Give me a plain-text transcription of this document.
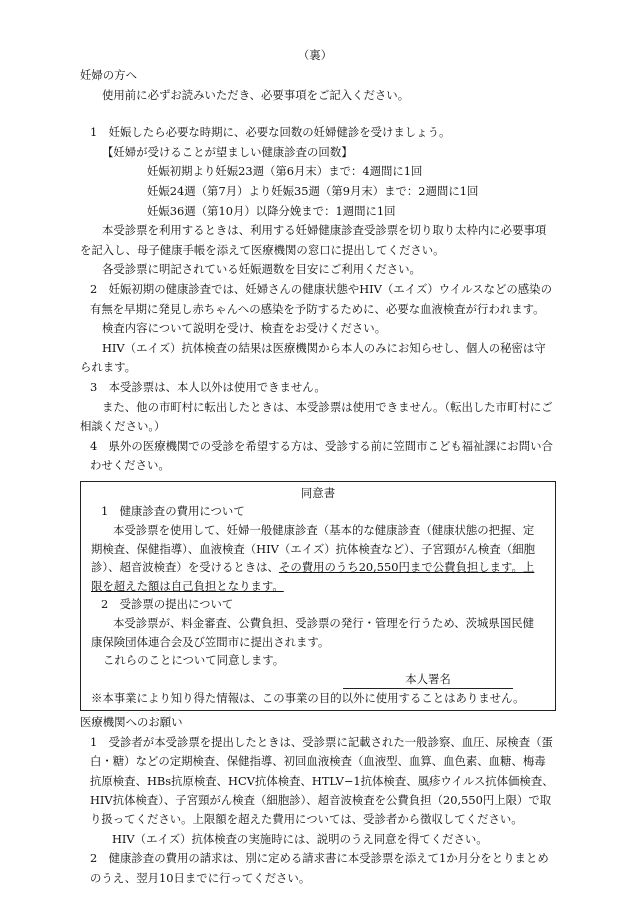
（裏）

妊婦の方へ

使用前に必ずお読みいただき、必要事項をご記入ください。

1　妊娠したら必要な時期に、必要な回数の妊婦健診を受けましょう。

【妊婦が受けることが望ましい健康診査の回数】

妊娠初期より妊娠23週（第6月末）まで：4週間に1回

妊娠24週（第7月）より妊娠35週（第9月末）まで：2週間に1回

妊娠36週（第10月）以降分娩まで：1週間に1回

本受診票を利用するときは、利用する妊婦健康診査受診票を切り取り太枠内に必要事項を記入し、母子健康手帳を添えて医療機関の窓口に提出してください。

各受診票に明記されている妊娠週数を目安にご利用ください。

2　妊娠初期の健康診査では、妊婦さんの健康状態やHIV（エイズ）ウイルスなどの感染の有無を早期に発見し赤ちゃんへの感染を予防するために、必要な血液検査が行われます。

検査内容について説明を受け、検査をお受けください。

HIV（エイズ）抗体検査の結果は医療機関から本人のみにお知らせし、個人の秘密は守られます。

3　本受診票は、本人以外は使用できません。

また、他の市町村に転出したときは、本受診票は使用できません。（転出した市町村にご相談ください。）

4　県外の医療機関での受診を希望する方は、受診する前に笠間市こども福祉課にお問い合わせください。

同意書

1　健康診査の費用について

本受診票を使用して、妊婦一般健康診査（基本的な健康診査（健康状態の把握、定期検査、保健指導）、血液検査（HIV（エイズ）抗体検査など）、子宮頸がん検査（細胞診）、超音波検査）を受けるときは、その費用のうち20,550円まで公費負担します。上限を超えた額は自己負担となります。

2　受診票の提出について

本受診票が、料金審査、公費負担、受診票の発行・管理を行うため、茨城県国民健康保険団体連合会及び笠間市に提出されます。

これらのことについて同意します。

本人署名

※本事業により知り得た情報は、この事業の目的以外に使用することはありません。

医療機関へのお願い

1　受診者が本受診票を提出したときは、受診票に記載された一般診察、血圧、尿検査（蛋白・糖）などの定期検査、保健指導、初回血液検査（血液型、血算、血色素、血糖、梅毒抗原検査、HBs抗原検査、HCV抗体検査、HTLV−1抗体検査、風疹ウイルス抗体価検査、HIV抗体検査）、子宮頸がん検査（細胞診）、超音波検査を公費負担（20,550円上限）で取り扱ってください。上限額を超えた費用については、受診者から徴収してください。

HIV（エイズ）抗体検査の実施時には、説明のうえ同意を得てください。

2　健康診査の費用の請求は、別に定める請求書に本受診票を添えて1か月分をとりまとめのうえ、翌月10日までに行ってください。
